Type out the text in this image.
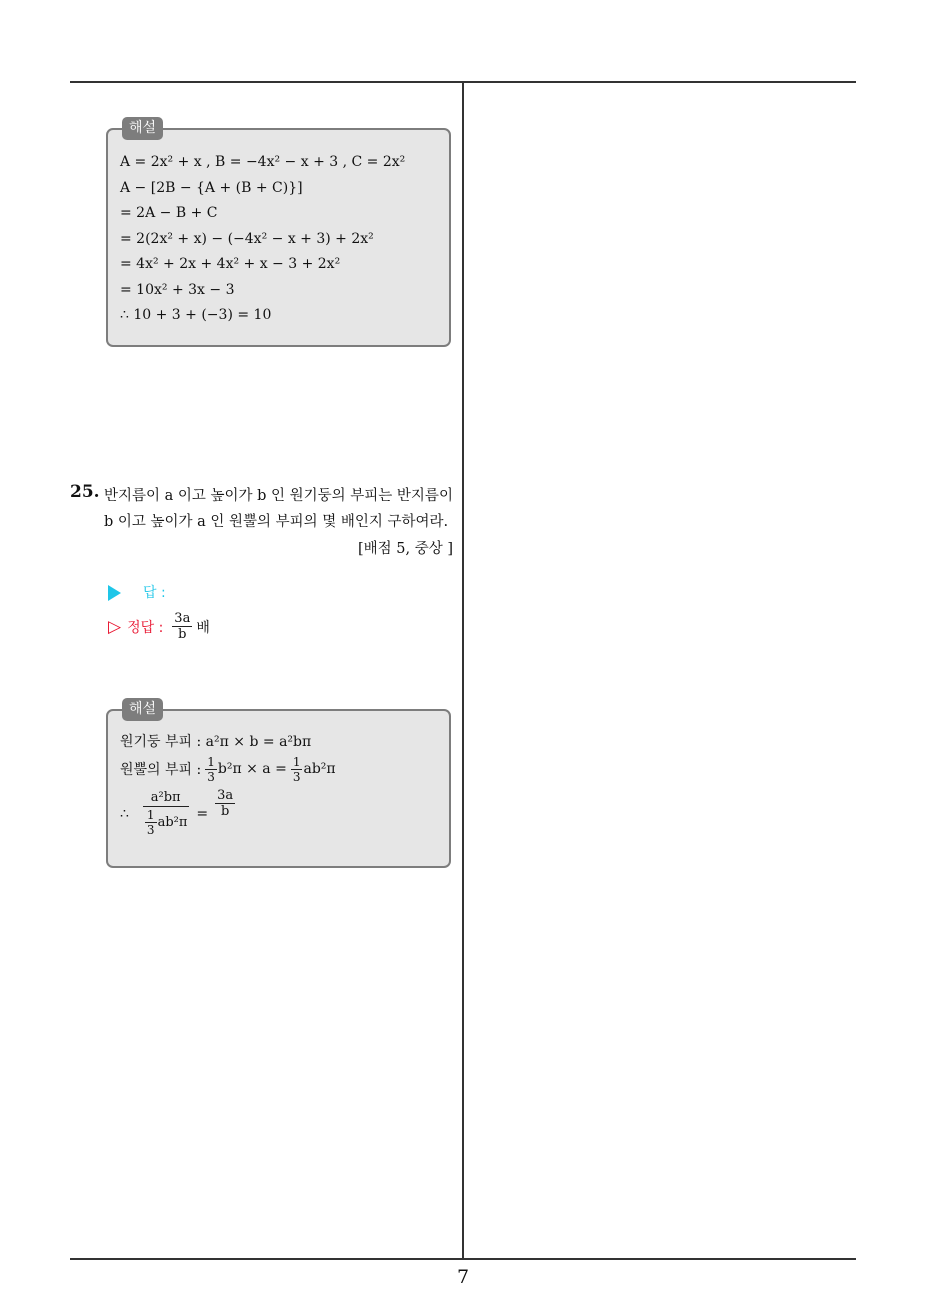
해설
A = 2x² + x , B = −4x² − x + 3 , C = 2x²
A − [2B − {A + (B + C)}]
= 2A − B + C
= 2(2x² + x) − (−4x² − x + 3) + 2x²
= 4x² + 2x + 4x² + x − 3 + 2x²
= 10x² + 3x − 3
∴ 10 + 3 + (−3) = 10
25. 반지름이 a 이고 높이가 b 인 원기둥의 부피는 반지름이
b 이고 높이가 a 인 원뿔의 부피의 몇 배인지 구하여라.
[배점 5, 중상 ]
답 :
▷ 정답 : $\frac{3a}{b}$ 배
해설
원기둥 부피 : a²π × b = a²bπ
원뿔의 부피 : $\frac{1}{3} b^2\pi \times a = \frac{1}{3} ab^2\pi$
∴ $\frac{\text{a²bπ}}{\frac{1}{3} ab^2\pi} = \frac{3a}{b}$
7
